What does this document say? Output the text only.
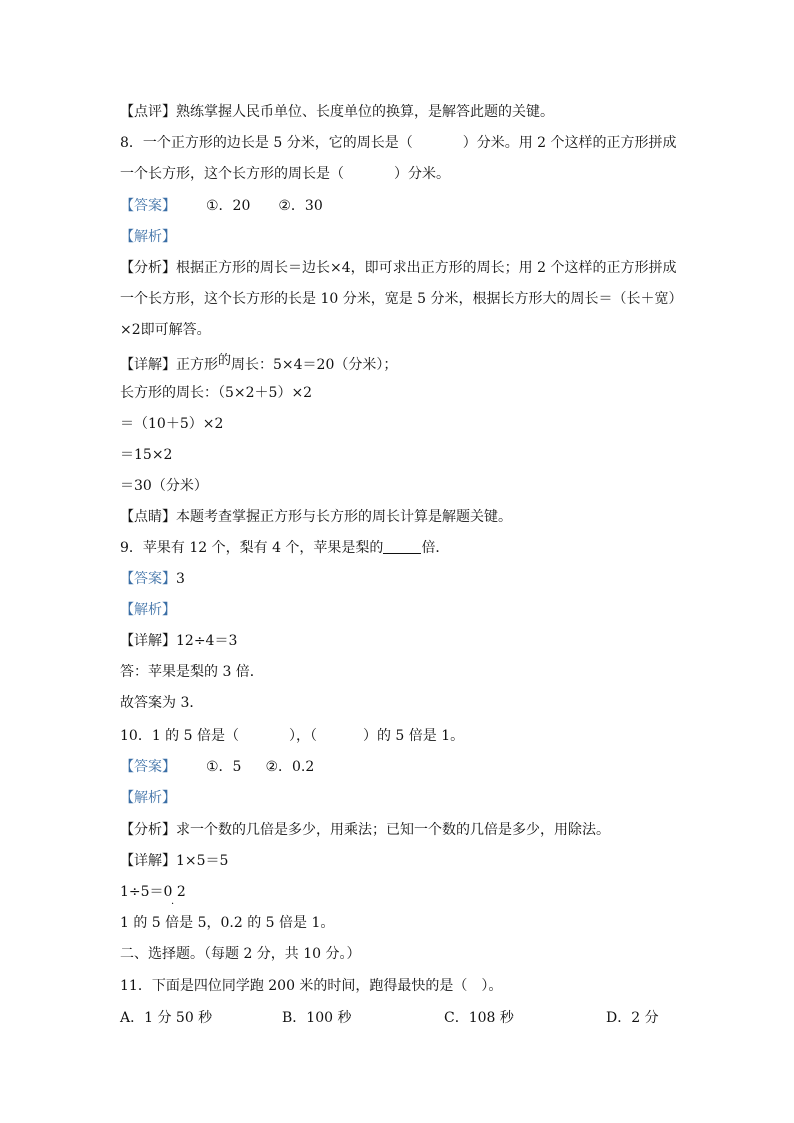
【点评】熟练掌握人民币单位、长度单位的换算，是解答此题的关键。
8．一个正方形的边长是 5 分米，它的周长是（	）分米。用 2 个这样的正方形拼成
一个长方形，这个长方形的周长是（	）分米。
【答案】 ①．20 ②．30
【解析】
【分析】根据正方形的周长＝边长×4，即可求出正方形的周长；用 2 个这样的正方形拼成
一个长方形，这个长方形的长是 10 分米，宽是 5 分米，根据长方形大的周长＝（长＋宽）
×2即可解答。
【详解】正方形的周长：5×4＝20（分米）；
长方形的周长：（5×2＋5）×2
＝（10＋5）×2
＝15×2
＝30（分米）
【点睛】本题考查掌握正方形与长方形的周长计算是解题关键。
9．苹果有 12 个，梨有 4 个，苹果是梨的	倍．
【答案】3
【解析】
【详解】12÷4＝3
答：苹果是梨的 3 倍．
故答案为 3．
10．1 的 5 倍是（	），（	）的 5 倍是 1。
【答案】 ①．5 ②．0.2
【解析】
【分析】求一个数的几倍是多少，用乘法；已知一个数的几倍是多少，用除法。
【详解】1×5＝5
1÷5＝0 2
·
1 的 5 倍是 5，0.2 的 5 倍是 1。
二、选择题。（每题 2 分，共 10 分。）
11．下面是四位同学跑 200 米的时间，跑得最快的是（　）。
A．1 分 50 秒	B．100 秒	C．108 秒	D．2 分
